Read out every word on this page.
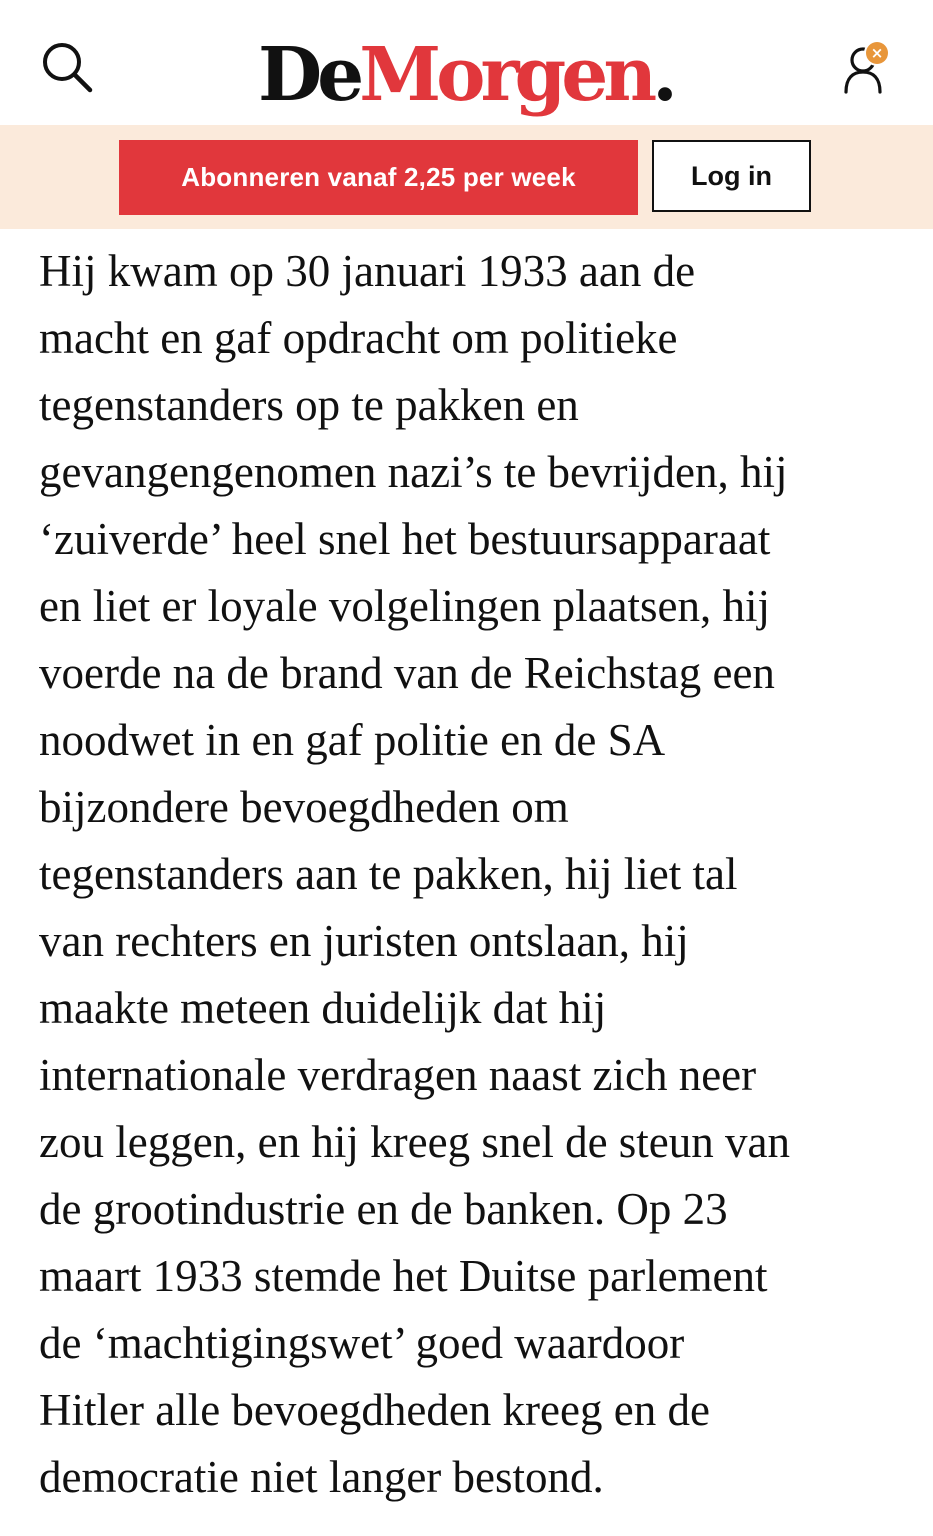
De Morgen .	×
Abonneren vanaf 2,25 per week	Log in
Hij kwam op 30 januari 1933 aan de
macht en gaf opdracht om politieke
tegenstanders op te pakken en
gevangengenomen nazi’s te bevrijden, hij
‘zuiverde’ heel snel het bestuursapparaat
en liet er loyale volgelingen plaatsen, hij
voerde na de brand van de Reichstag een
noodwet in en gaf politie en de SA
bijzondere bevoegdheden om
tegenstanders aan te pakken, hij liet tal
van rechters en juristen ontslaan, hij
maakte meteen duidelijk dat hij
internationale verdragen naast zich neer
zou leggen, en hij kreeg snel de steun van
de grootindustrie en de banken. Op 23
maart 1933 stemde het Duitse parlement
de ‘machtigingswet’ goed waardoor
Hitler alle bevoegdheden kreeg en de
democratie niet langer bestond.
